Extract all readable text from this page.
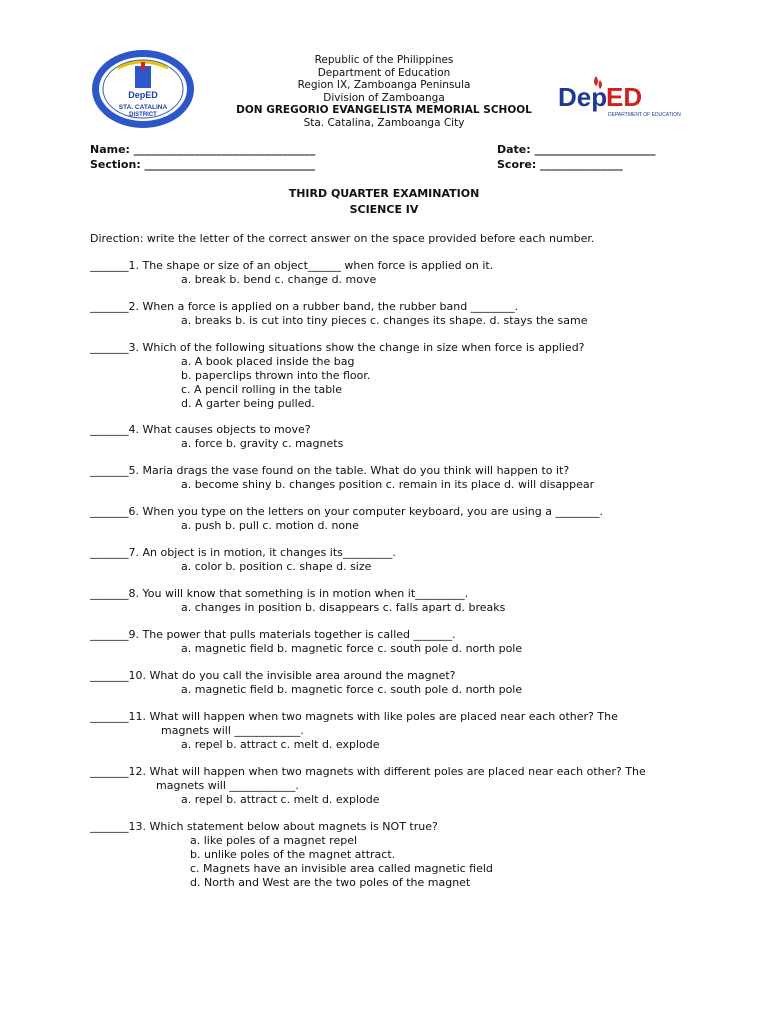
DepED
STA. CATALINA
DISTRICT
Republic of the Philippines
Department of Education
Region IX, Zamboanga Peninsula
Division of Zamboanga
DON GREGORIO EVANGELISTA MEMORIAL SCHOOL
Sta. Catalina, Zamboanga City
Dep
ED
DEPARTMENT OF EDUCATION
Name: _________________________________	Date: ______________________
Section: _______________________________	Score: _______________
THIRD QUARTER EXAMINATION
SCIENCE IV
Direction: write the letter of the correct answer on the space provided before each number.
_______1. The shape or size of an object______ when force is applied on it.
a. break b. bend c. change d. move
_______2. When a force is applied on a rubber band, the rubber band ________.
a. breaks b. is cut into tiny pieces c. changes its shape. d. stays the same
_______3. Which of the following situations show the change in size when force is applied?
a. A book placed inside the bag
b. paperclips thrown into the floor.
c. A pencil rolling in the table
d. A garter being pulled.
_______4. What causes objects to move?
a. force b. gravity c. magnets
_______5. Maria drags the vase found on the table. What do you think will happen to it?
a. become shiny b. changes position c. remain in its place d. will disappear
_______6. When you type on the letters on your computer keyboard, you are using a ________.
a. push b. pull c. motion d. none
_______7. An object is in motion, it changes its_________.
a. color b. position c. shape d. size
_______8. You will know that something is in motion when it_________.
a. changes in position b. disappears c. falls apart d. breaks
_______9. The power that pulls materials together is called _______.
a. magnetic field b. magnetic force c. south pole d. north pole
_______10. What do you call the invisible area around the magnet?
a. magnetic field b. magnetic force c. south pole d. north pole
_______11. What will happen when two magnets with like poles are placed near each other? The
magnets will ____________.
a. repel b. attract c. melt d. explode
_______12. What will happen when two magnets with different poles are placed near each other? The
magnets will ____________.
a. repel b. attract c. melt d. explode
_______13. Which statement below about magnets is NOT true?
a. like poles of a magnet repel
b. unlike poles of the magnet attract.
c. Magnets have an invisible area called magnetic field
d. North and West are the two poles of the magnet
